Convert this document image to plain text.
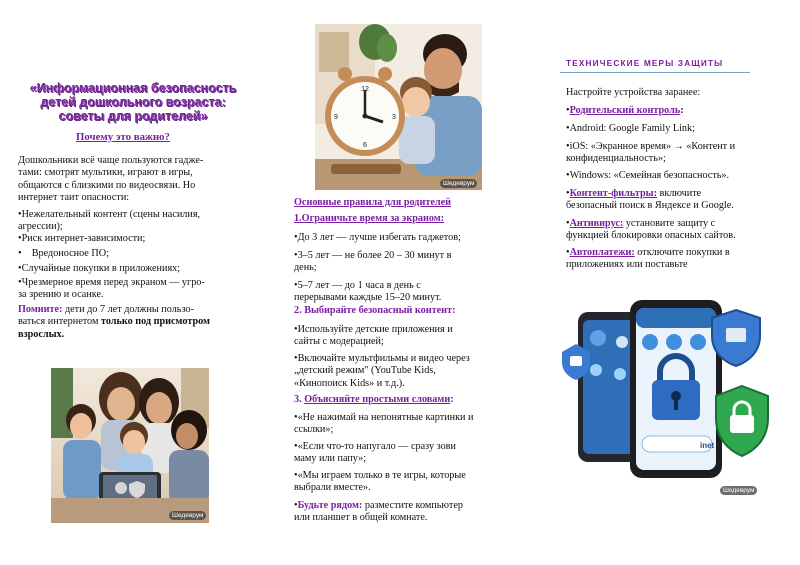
«Информационная безопасность
детей дошкольного возраста:
советы для родителей»
Почему это важно?
Дошкольники всё чаще пользуются гадже-
тами: смотрят мультики, играют в игры,
общаются с близкими по видеосвязи. Но
интернет таит опасности:
•Нежелательный контент (сцены насилия,
агрессии);
•Риск интернет-зависимости;
•    Вредоносное ПО;
•Случайные покупки в приложениях;
•Чрезмерное время перед экраном — угро-
за зрению и осанке.
Помните: дети до 7 лет должны пользо-
ваться интернетом только под присмотром
взрослых.
Шедеврум
12
3
6
9
Шедеврум
Основные правила для родителей
1.Ограничьте время за экраном:
•До 3 лет — лучше избегать гаджетов;
•3–5 лет — не более 20 – 30 минут в
день;
•5–7 лет — до 1 часа в день с
перерывами каждые 15–20 минут.
2. Выбирайте безопасный контент:
•Используйте детские приложения и
сайты с модерацией;
•Включайте мультфильмы и видео через
„детский режим" (YouTube Kids,
«Кинопоиск Kids» и т.д.).
3. Объясняйте простыми словами:
•«Не нажимай на непонятные картинки и
ссылки»;
•«Если что-то напугало — сразу зови
маму или папу»;
•«Мы играем только в те игры, которые
выбрали вместе».
•Будьте рядом: разместите компьютер
или планшет в общей комнате.
ТЕХНИЧЕСКИЕ МЕРЫ ЗАЩИТЫ
Настройте устройства заранее:
•Родительский контроль:
•Android: Google Family Link;
•iOS: «Экранное время» → «Контент и
конфиденциальность»;
•Windows: «Семейная безопасность».
•Контент-фильтры: включите
безопасный поиск в Яндексе и Google.
•Антивирус: установите защиту с
функцией блокировки опасных сайтов.
•Автоплатежи: отключите покупки в
приложениях или поставьте
inet
Шедеврум
